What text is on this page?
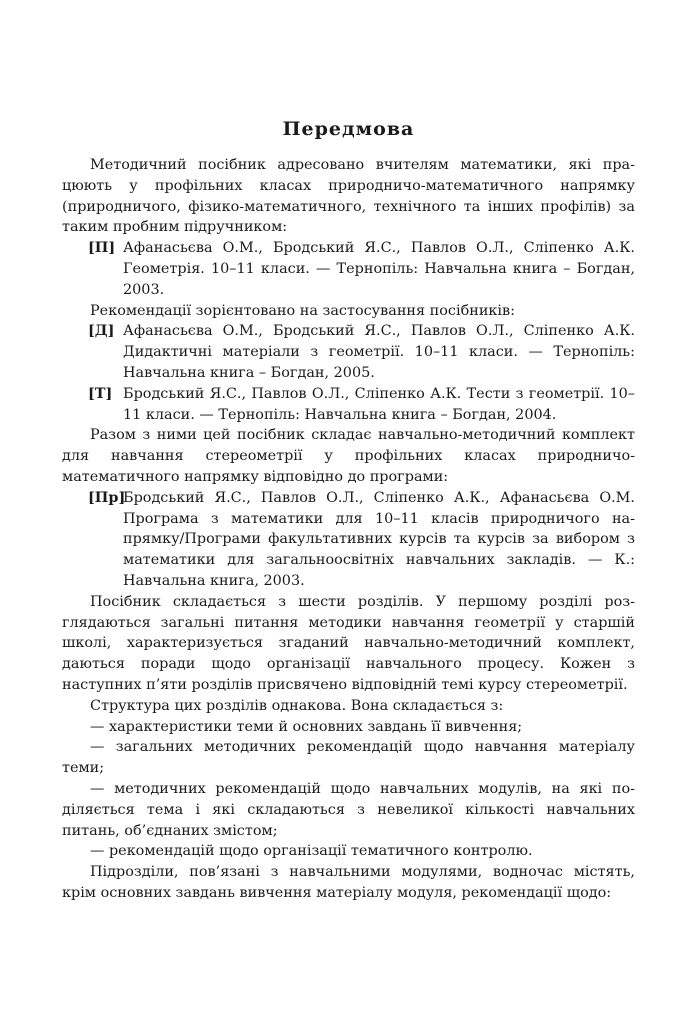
Передмова

Методичний посібник адресовано вчителям математики, які працюють у профільних класах природничо-математичного напрямку (природничого, фізико-математичного, технічного та інших профілів) за таким пробним підручником:

[П] Афанасьєва О.М., Бродський Я.С., Павлов О.Л., Сліпенко А.К. Геометрія. 10–11 класи. — Тернопіль: Навчальна книга – Богдан, 2003.

Рекомендації зорієнтовано на застосування посібників:

[Д] Афанасьєва О.М., Бродський Я.С., Павлов О.Л., Сліпенко А.К. Дидактичні матеріали з геометрії. 10–11 класи. — Тернопіль: Навчальна книга – Богдан, 2005.
[Т] Бродський Я.С., Павлов О.Л., Сліпенко А.К. Тести з геометрії. 10–11 класи. — Тернопіль: Навчальна книга – Богдан, 2004.

Разом з ними цей посібник складає навчально-методичний комплект для навчання стереометрії у профільних класах природничо-математичного напрямку відповідно до програми:

[Пр]
Бродський Я.С., Павлов О.Л., Сліпенко А.К., Афанасьєва О.М. Програма з математики для 10–11 класів природничого напрямку/Програми факультативних курсів та курсів за вибором з математики для загальноосвітніх навчальних закладів. — К.: Навчальна книга, 2003.

Посібник складається з шести розділів. У першому розділі розглядаються загальні питання методики навчання геометрії у старшій школі, характеризується згаданий навчально-методичний комплект, даються поради щодо організації навчального процесу. Кожен з наступних п’яти розділів присвячено відповідній темі курсу стереометрії.

Структура цих розділів однакова. Вона складається з:

— характеристики теми й основних завдань її вивчення;

— загальних методичних рекомендацій щодо навчання матеріалу теми;

— методичних рекомендацій щодо навчальних модулів, на які поділяється тема і які складаються з невеликої кількості навчальних питань, об’єднаних змістом;

— рекомендацій щодо організації тематичного контролю.

Підрозділи, пов’язані з навчальними модулями, водночас містять, крім основних завдань вивчення матеріалу модуля, рекомендації щодо:
